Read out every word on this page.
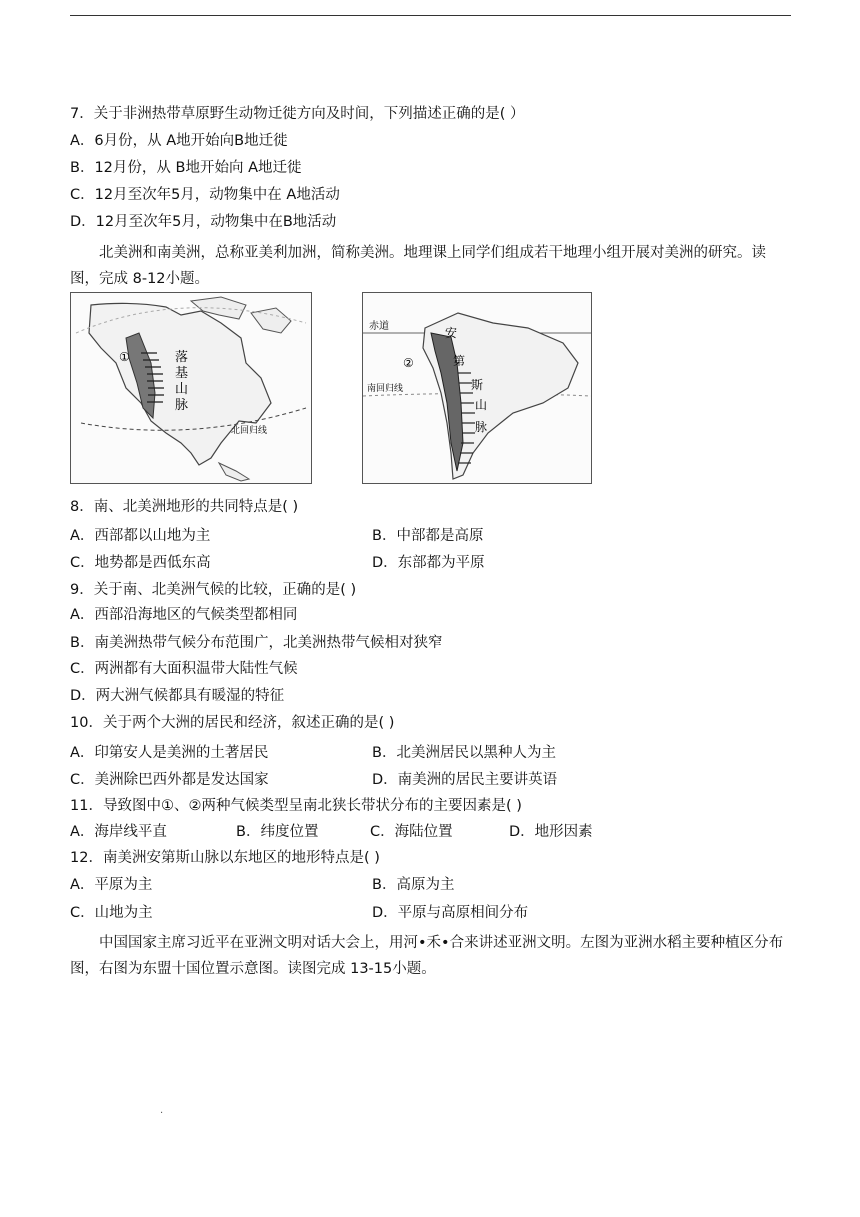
7．关于非洲热带草原野生动物迁徙方向及时间，下列描述正确的是( ）
A．6月份，从 A地开始向B地迁徙
B．12月份，从 B地开始向 A地迁徙
C．12月至次年5月，动物集中在 A地活动
D．12月至次年5月，动物集中在B地活动
北美洲和南美洲，总称亚美利加洲，简称美洲。地理课上同学们组成若干地理小组开展对美洲的研究。读图，完成 8-12小题。
①	落
基
山
脉
北回归线
赤道
②
南回归线
安
第
斯
山
脉
8．南、北美洲地形的共同特点是( )
A．西部都以山地为主	B．中部都是高原
C．地势都是西低东高	D．东部都为平原
9．关于南、北美洲气候的比较，正确的是( )
A．西部沿海地区的气候类型都相同
B．南美洲热带气候分布范围广，北美洲热带气候相对狭窄
C．两洲都有大面积温带大陆性气候
D．两大洲气候都具有暖湿的特征
10．关于两个大洲的居民和经济，叙述正确的是( )
A．印第安人是美洲的土著居民	B．北美洲居民以黑种人为主
C．美洲除巴西外都是发达国家	D．南美洲的居民主要讲英语
11．导致图中①、②两种气候类型呈南北狭长带状分布的主要因素是( )
A．海岸线平直	B．纬度位置	C．海陆位置	D．地形因素
12．南美洲安第斯山脉以东地区的地形特点是( )
A．平原为主	B．高原为主
C．山地为主	D．平原与高原相间分布
中国国家主席习近平在亚洲文明对话大会上，用河•禾•合来讲述亚洲文明。左图为亚洲水稻主要种植区分布图，右图为东盟十国位置示意图。读图完成 13-15小题。
.
